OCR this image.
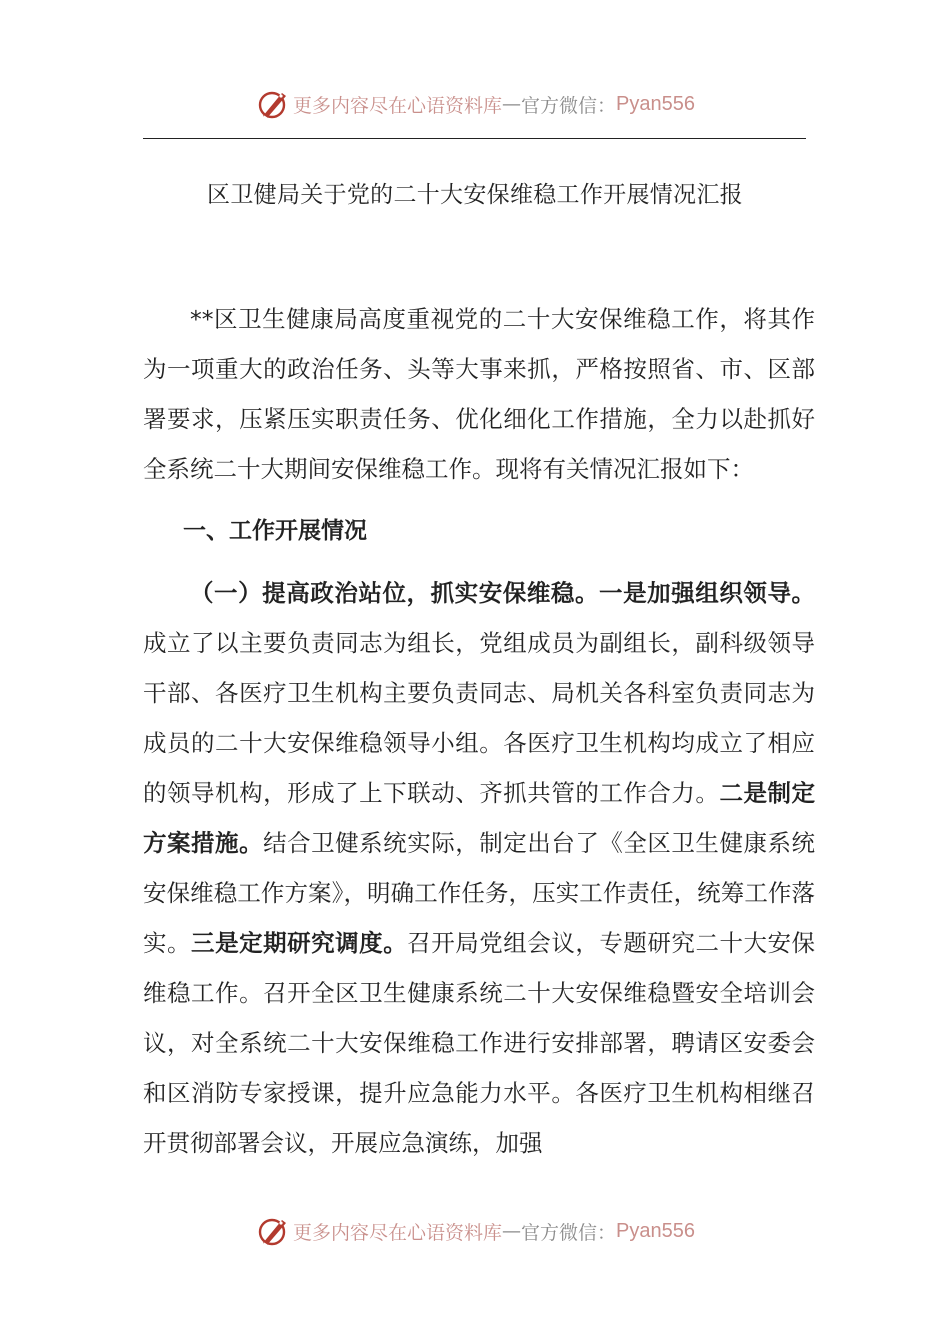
更多内容尽在心语资料库 — 官方微信： Pyan556
区卫健局关于党的二十大安保维稳工作开展情况汇报

**区卫生健康局高度重视党的二十大安保维稳工作，将其作为一项重大的政治任务、头等大事来抓，严格按照省、市、区部署要求，压紧压实职责任务、优化细化工作措施，全力以赴抓好全系统二十大期间安保维稳工作。现将有关情况汇报如下：

一、工作开展情况

（一）提高政治站位，抓实安保维稳。一是加强组织领导。成立了以主要负责同志为组长，党组成员为副组长，副科级领导干部、各医疗卫生机构主要负责同志、局机关各科室负责同志为成员的二十大安保维稳领导小组。各医疗卫生机构均成立了相应的领导机构，形成了上下联动、齐抓共管的工作合力。二是制定方案措施。结合卫健系统实际，制定出台了《全区卫生健康系统安保维稳工作方案》，明确工作任务，压实工作责任，统筹工作落实。三是定期研究调度。召开局党组会议，专题研究二十大安保维稳工作。召开全区卫生健康系统二十大安保维稳暨安全培训会议，对全系统二十大安保维稳工作进行安排部署，聘请区安委会和区消防专家授课，提升应急能力水平。各医疗卫生机构相继召开贯彻部署会议，开展应急演练，加强

更多内容尽在心语资料库 — 官方微信： Pyan556
